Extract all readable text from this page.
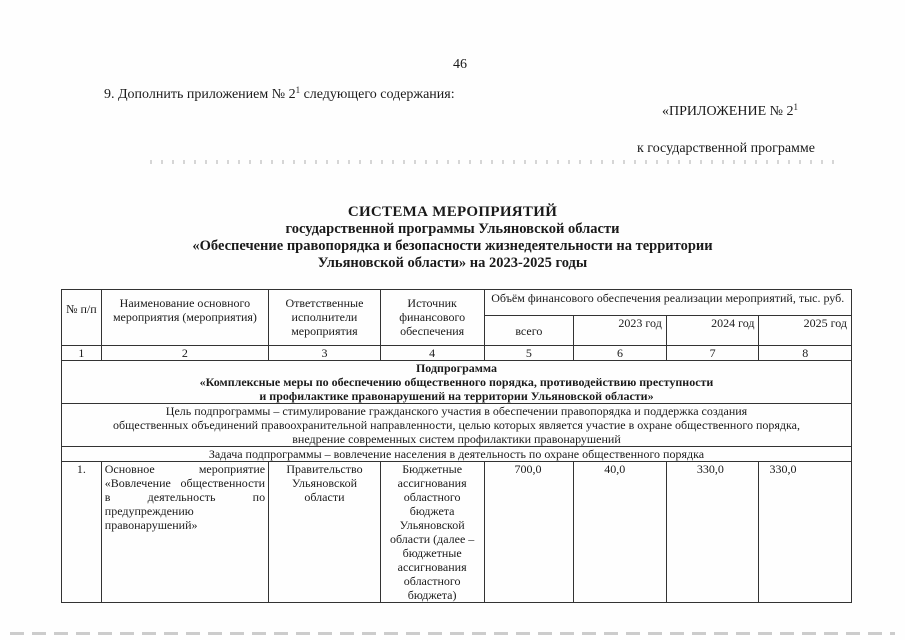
46
9. Дополнить приложением № $2^1$ следующего содержания:
«ПРИЛОЖЕНИЕ № $2^1$
к государственной программе
СИСТЕМА МЕРОПРИЯТИЙ
государственной программы Ульяновской области
«Обеспечение правопорядка и безопасности жизнедеятельности на территории
Ульяновской области» на 2023-2025 годы
№ п/п	Наименование основного мероприятия (мероприятия)	Ответственные исполнители мероприятия	Источник финансового обеспечения	Объём финансового обеспечения реализации мероприятий, тыс. руб.			
				всего	2023 год	2024 год	2025 год
1	2	3	4	5	6	7	8

Подпрограмма
«Комплексные меры по обеспечению общественного порядка, противодействию преступности
и профилактике правонарушений на территории Ульяновской области»							

Цель подпрограммы – стимулирование гражданского участия в обеспечении правопорядка и поддержка создания
общественных объединений правоохранительной направленности, целью которых является участие в охране общественного порядка,
внедрение современных систем профилактики правонарушений							

Задача подпрограммы – вовлечение населения в деятельность по охране общественного порядка							
1.	Основное мероприятие «Вовлечение общественности в деятельность по предупреждению правонарушений»	Правительство Ульяновской области	Бюджетные ассигнования областного бюджета Ульяновской области (далее – бюджетные ассигнования областного бюджета)	700,0	40,0	330,0	330,0
